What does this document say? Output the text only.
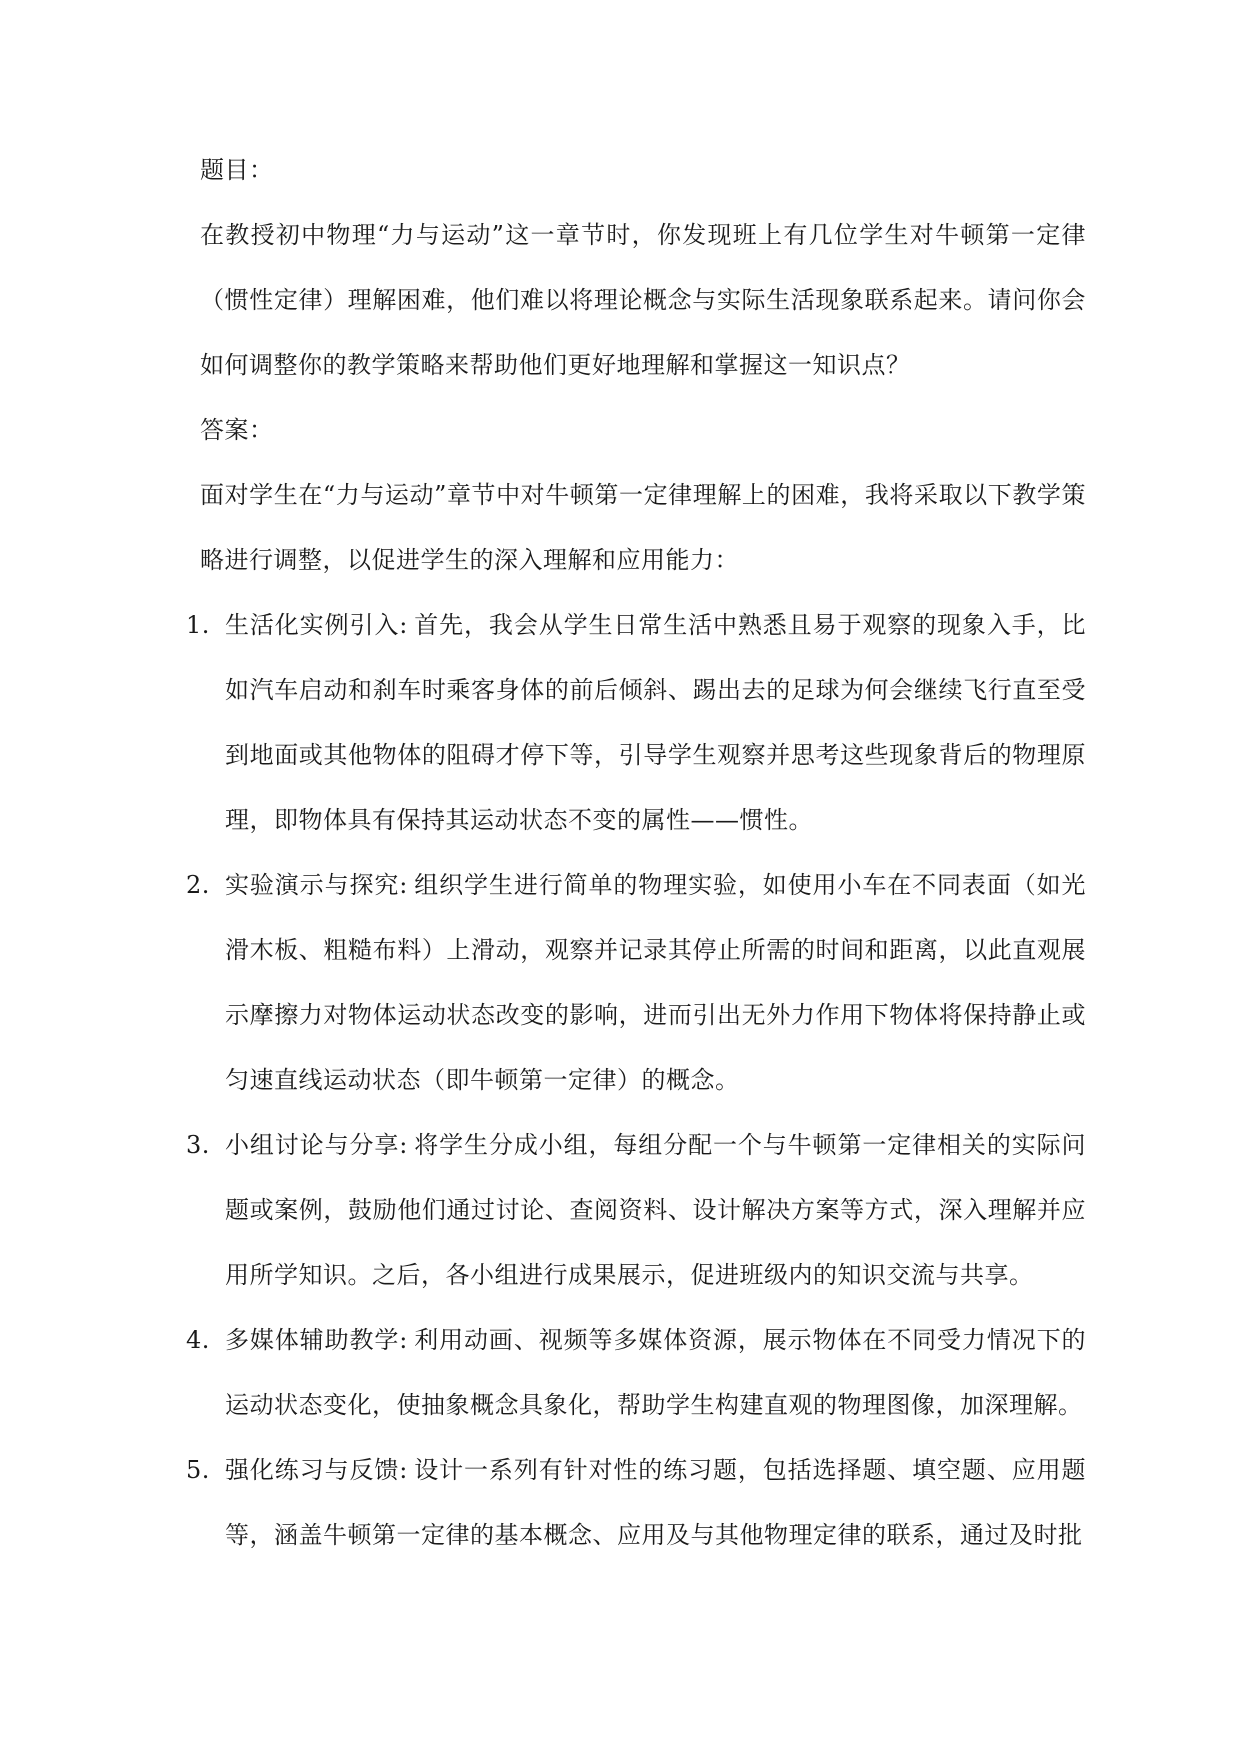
题目：

在教授初中物理“力与运动”这一章节时，你发现班上有几位学生对牛顿第一定律（惯性定律）理解困难，他们难以将理论概念与实际生活现象联系起来。请问你会如何调整你的教学策略来帮助他们更好地理解和掌握这一知识点？

答案：

面对学生在“力与运动”章节中对牛顿第一定律理解上的困难，我将采取以下教学策略进行调整，以促进学生的深入理解和应用能力：

1. 生活化实例引入: 首先，我会从学生日常生活中熟悉且易于观察的现象入手，比如汽车启动和刹车时乘客身体的前后倾斜、踢出去的足球为何会继续飞行直至受到地面或其他物体的阻碍才停下等，引导学生观察并思考这些现象背后的物理原理，即物体具有保持其运动状态不变的属性——惯性。
2. 实验演示与探究: 组织学生进行简单的物理实验，如使用小车在不同表面（如光滑木板、粗糙布料）上滑动，观察并记录其停止所需的时间和距离，以此直观展示摩擦力对物体运动状态改变的影响，进而引出无外力作用下物体将保持静止或匀速直线运动状态（即牛顿第一定律）的概念。
3. 小组讨论与分享: 将学生分成小组，每组分配一个与牛顿第一定律相关的实际问题或案例，鼓励他们通过讨论、查阅资料、设计解决方案等方式，深入理解并应用所学知识。之后，各小组进行成果展示，促进班级内的知识交流与共享。
4. 多媒体辅助教学: 利用动画、视频等多媒体资源，展示物体在不同受力情况下的运动状态变化，使抽象概念具象化，帮助学生构建直观的物理图像，加深理解。
5. 强化练习与反馈: 设计一系列有针对性的练习题，包括选择题、填空题、应用题等，涵盖牛顿第一定律的基本概念、应用及与其他物理定律的联系，通过及时批
